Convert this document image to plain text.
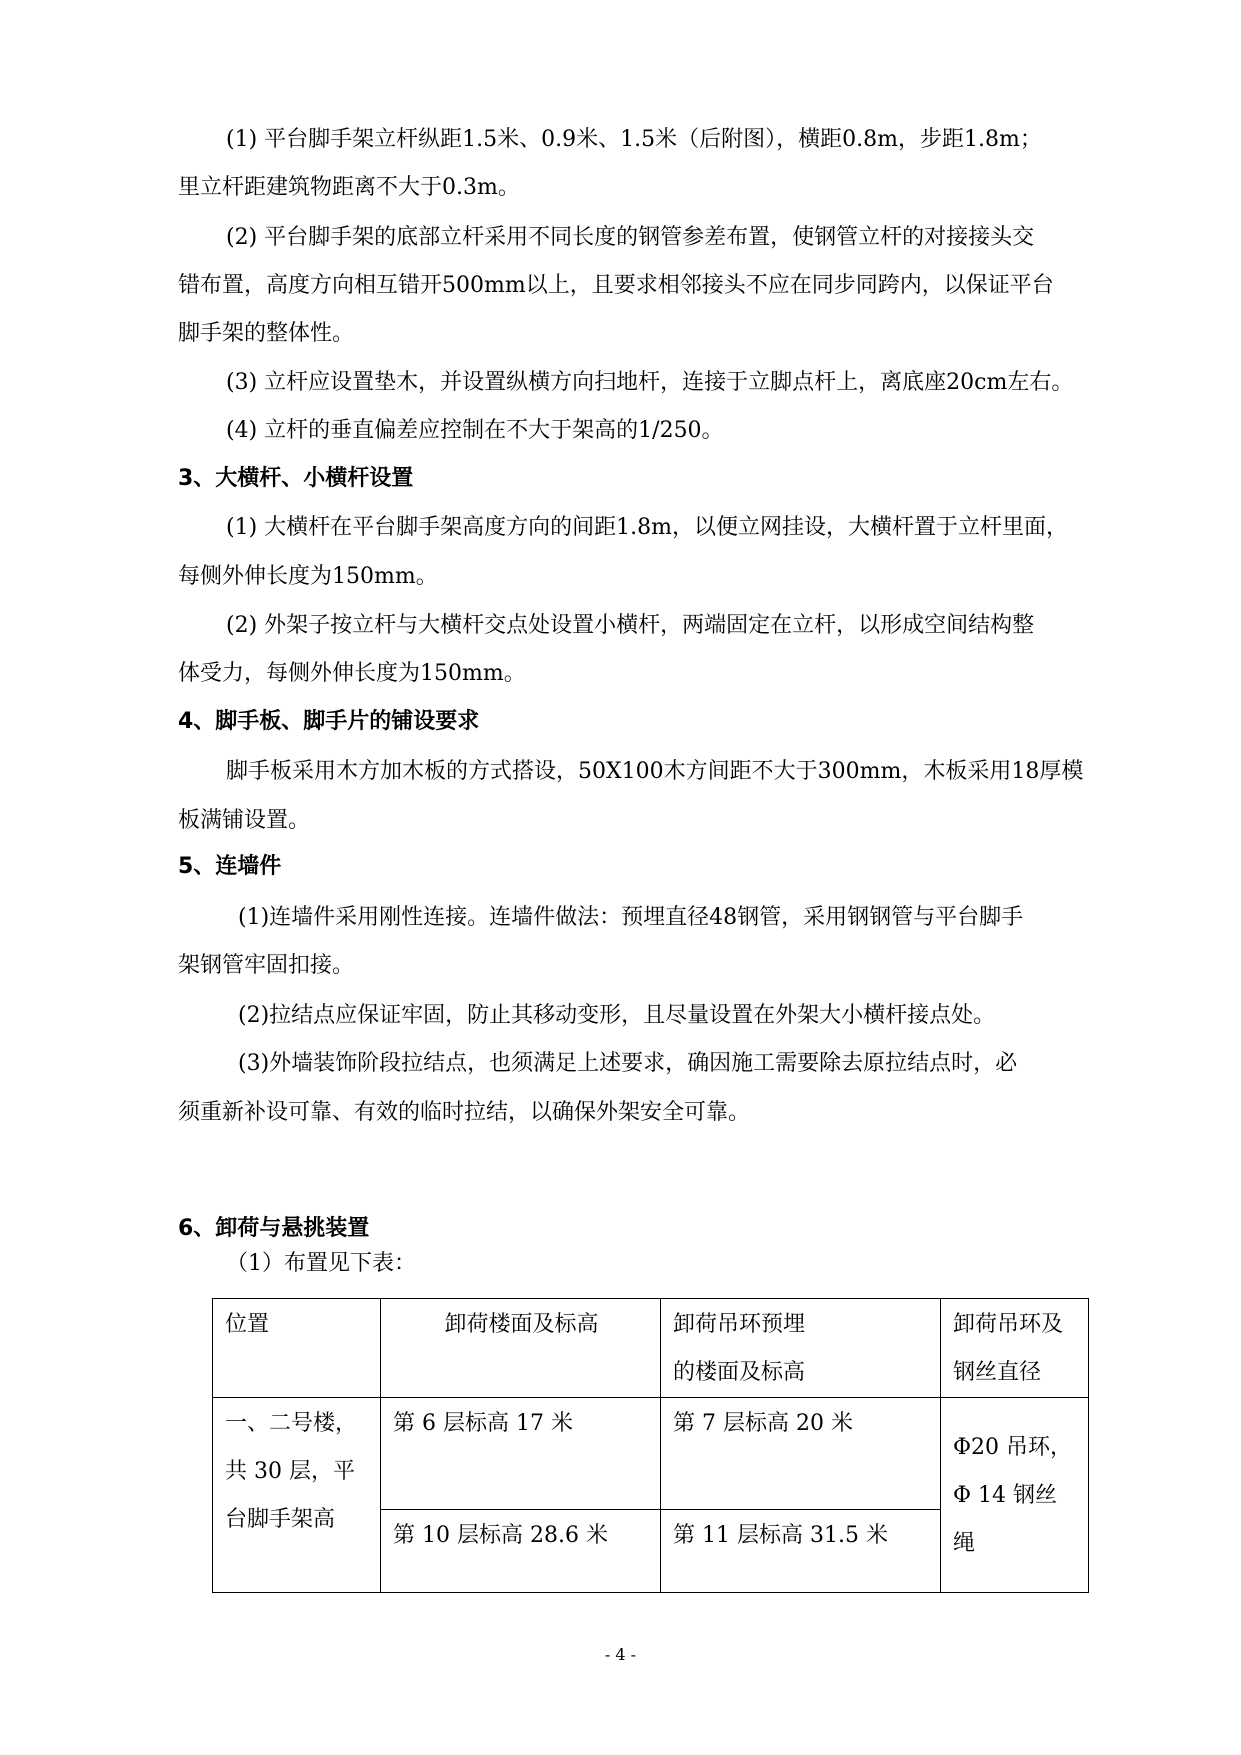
(1) 平台脚手架立杆纵距1.5米、0.9米、1.5米（后附图），横距0.8m，步距1.8m；

里立杆距建筑物距离不大于0.3m。

(2) 平台脚手架的底部立杆采用不同长度的钢管参差布置，使钢管立杆的对接接头交

错布置，高度方向相互错开500mm以上，且要求相邻接头不应在同步同跨内，以保证平台

脚手架的整体性。

(3) 立杆应设置垫木，并设置纵横方向扫地杆，连接于立脚点杆上，离底座20cm左右。

(4) 立杆的垂直偏差应控制在不大于架高的1/250。

3、大横杆、小横杆设置

(1) 大横杆在平台脚手架高度方向的间距1.8m，以便立网挂设，大横杆置于立杆里面，

每侧外伸长度为150mm。

(2) 外架子按立杆与大横杆交点处设置小横杆，两端固定在立杆，以形成空间结构整

体受力，每侧外伸长度为150mm。

4、脚手板、脚手片的铺设要求

脚手板采用木方加木板的方式搭设，50X100木方间距不大于300mm，木板采用18厚模

板满铺设置。

5、连墙件

(1)连墙件采用刚性连接。连墙件做法：预埋直径48钢管，采用钢钢管与平台脚手

架钢管牢固扣接。

(2)拉结点应保证牢固，防止其移动变形，且尽量设置在外架大小横杆接点处。

(3)外墙装饰阶段拉结点，也须满足上述要求，确因施工需要除去原拉结点时，必

须重新补设可靠、有效的临时拉结，以确保外架安全可靠。

6、卸荷与悬挑装置

（1）布置见下表：

位置	卸荷楼面及标高	卸荷吊环预埋
的楼面及标高	卸荷吊环及
钢丝直径

一、二号楼，
共 30 层，平
台脚手架高	第 6 层标高 17 米	第 7 层标高 20 米	Φ20 吊环，
Φ 14 钢丝
绳

	第 10 层标高 28.6 米	第 11 层标高 31.5 米	
- 4 -
